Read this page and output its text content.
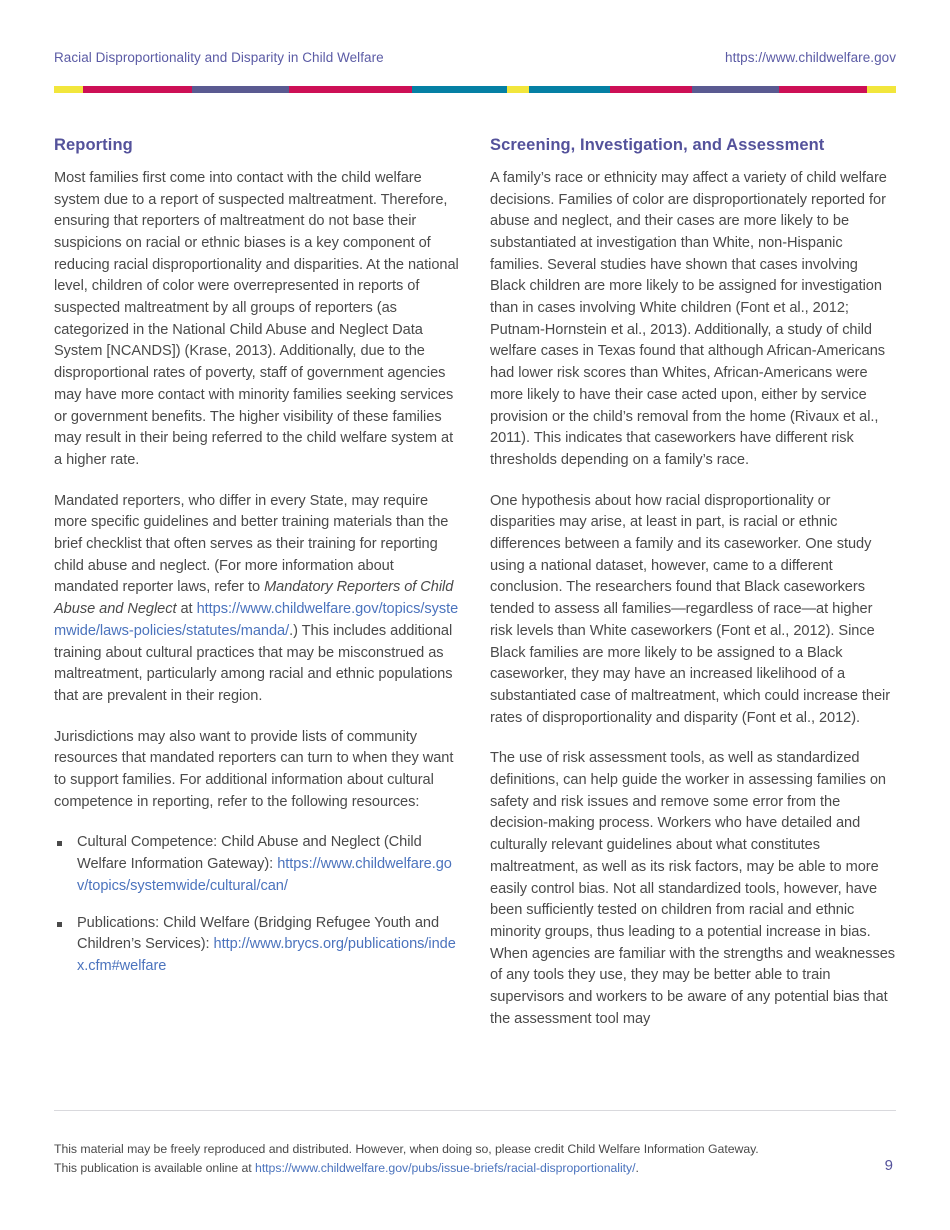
Racial Disproportionality and Disparity in Child Welfare	https://www.childwelfare.gov
Reporting

Most families first come into contact with the child welfare system due to a report of suspected maltreatment. Therefore, ensuring that reporters of maltreatment do not base their suspicions on racial or ethnic biases is a key component of reducing racial disproportionality and disparities. At the national level, children of color were overrepresented in reports of suspected maltreatment by all groups of reporters (as categorized in the National Child Abuse and Neglect Data System [NCANDS]) (Krase, 2013). Additionally, due to the disproportional rates of poverty, staff of government agencies may have more contact with minority families seeking services or government benefits. The higher visibility of these families may result in their being referred to the child welfare system at a higher rate.

Mandated reporters, who differ in every State, may require more specific guidelines and better training materials than the brief checklist that often serves as their training for reporting child abuse and neglect. (For more information about mandated reporter laws, refer to Mandatory Reporters of Child Abuse and Neglect at https://www.childwelfare.gov/topics/systemwide/laws-policies/statutes/manda/.) This includes additional training about cultural practices that may be misconstrued as maltreatment, particularly among racial and ethnic populations that are prevalent in their region.

Jurisdictions may also want to provide lists of community resources that mandated reporters can turn to when they want to support families. For additional information about cultural competence in reporting, refer to the following resources:

Cultural Competence: Child Abuse and Neglect (Child Welfare Information Gateway): https://www.childwelfare.gov/topics/systemwide/cultural/can/
Publications: Child Welfare (Bridging Refugee Youth and Children’s Services): http://www.brycs.org/publications/index.cfm#welfare
Screening, Investigation, and Assessment

A family’s race or ethnicity may affect a variety of child welfare decisions. Families of color are disproportionately reported for abuse and neglect, and their cases are more likely to be substantiated at investigation than White, non-Hispanic families. Several studies have shown that cases involving Black children are more likely to be assigned for investigation than in cases involving White children (Font et al., 2012; Putnam-Hornstein et al., 2013). Additionally, a study of child welfare cases in Texas found that although African-Americans had lower risk scores than Whites, African-Americans were more likely to have their case acted upon, either by service provision or the child’s removal from the home (Rivaux et al., 2011). This indicates that caseworkers have different risk thresholds depending on a family’s race.

One hypothesis about how racial disproportionality or disparities may arise, at least in part, is racial or ethnic differences between a family and its caseworker. One study using a national dataset, however, came to a different conclusion. The researchers found that Black caseworkers tended to assess all families—regardless of race—at higher risk levels than White caseworkers (Font et al., 2012). Since Black families are more likely to be assigned to a Black caseworker, they may have an increased likelihood of a substantiated case of maltreatment, which could increase their rates of disproportionality and disparity (Font et al., 2012).

The use of risk assessment tools, as well as standardized definitions, can help guide the worker in assessing families on safety and risk issues and remove some error from the decision-making process. Workers who have detailed and culturally relevant guidelines about what constitutes maltreatment, as well as its risk factors, may be able to more easily control bias. Not all standardized tools, however, have been sufficiently tested on children from racial and ethnic minority groups, thus leading to a potential increase in bias. When agencies are familiar with the strengths and weaknesses of any tools they use, they may be better able to train supervisors and workers to be aware of any potential bias that the assessment tool may

This material may be freely reproduced and distributed. However, when doing so, please credit Child Welfare Information Gateway.
This publication is available online at https://www.childwelfare.gov/pubs/issue-briefs/racial-disproportionality/.	9
